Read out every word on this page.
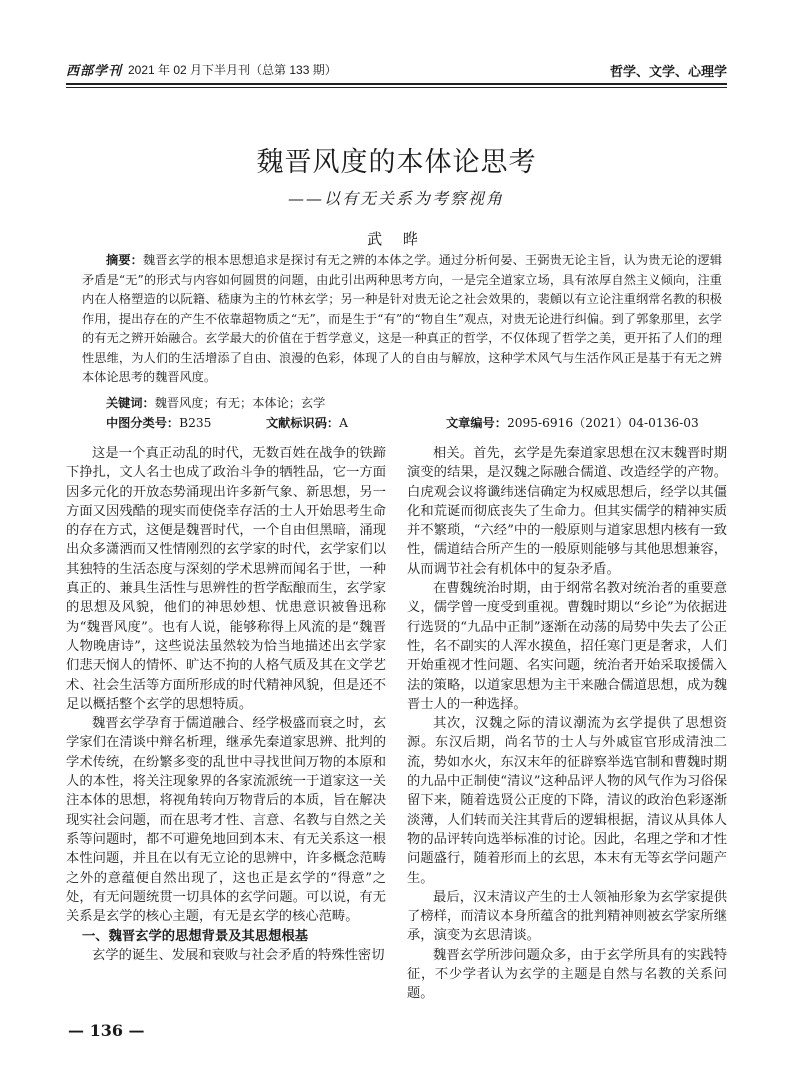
西部学刊 2021 年 02 月下半月刊（总第 133 期）	哲学、文学、心理学
魏晋风度的本体论思考
——以有无关系为考察视角
武 晔
摘要：魏晋玄学的根本思想追求是探讨有无之辨的本体之学。通过分析何晏、王弼贵无论主旨，认为贵无论的逻辑矛盾是“无”的形式与内容如何圆贯的问题，由此引出两种思考方向，一是完全道家立场，具有浓厚自然主义倾向，注重内在人格塑造的以阮籍、嵇康为主的竹林玄学；另一种是针对贵无论之社会效果的，裴頠以有立论注重纲常名教的积极作用，提出存在的产生不依靠超物质之“无”，而是生于“有”的“物自生”观点，对贵无论进行纠偏。到了郭象那里，玄学的有无之辨开始融合。玄学最大的价值在于哲学意义，这是一种真正的哲学，不仅体现了哲学之美，更开拓了人们的理性思维，为人们的生活增添了自由、浪漫的色彩，体现了人的自由与解放，这种学术风气与生活作风正是基于有无之辨本体论思考的魏晋风度。
关键词：魏晋风度；有无；本体论；玄学
中图分类号：B235	文献标识码：A	文章编号：2095-6916（2021）04-0136-03

这是一个真正动乱的时代，无数百姓在战争的铁蹄下挣扎，文人名士也成了政治斗争的牺牲品，它一方面因多元化的开放态势涌现出许多新气象、新思想，另一方面又因残酷的现实而使侥幸存活的士人开始思考生命的存在方式，这便是魏晋时代，一个自由但黑暗，涌现出众多潇洒而又性情刚烈的玄学家的时代，玄学家们以其独特的生活态度与深刻的学术思辨而闻名于世，一种真正的、兼具生活性与思辨性的哲学酝酿而生，玄学家的思想及风貌，他们的神思妙想、忧患意识被鲁迅称为“魏晋风度”。也有人说，能够称得上风流的是“魏晋人物晚唐诗”，这些说法虽然较为恰当地描述出玄学家们悲天悯人的情怀、旷达不拘的人格气质及其在文学艺术、社会生活等方面所形成的时代精神风貌，但是还不足以概括整个玄学的思想特质。

魏晋玄学孕育于儒道融合、经学极盛而衰之时，玄学家们在清谈中辩名析理，继承先秦道家思辨、批判的学术传统，在纷繁多变的乱世中寻找世间万物的本原和人的本性，将关注现象界的各家流派统一于道家这一关注本体的思想，将视角转向万物背后的本质，旨在解决现实社会问题，而在思考才性、言意、名教与自然之关系等问题时，都不可避免地回到本末、有无关系这一根本性问题，并且在以有无立论的思辨中，许多概念范畴之外的意蕴便自然出现了，这也正是玄学的“得意”之处，有无问题统贯一切具体的玄学问题。可以说，有无关系是玄学的核心主题，有无是玄学的核心范畴。

一、魏晋玄学的思想背景及其思想根基

玄学的诞生、发展和衰败与社会矛盾的特殊性密切

相关。首先，玄学是先秦道家思想在汉末魏晋时期演变的结果，是汉魏之际融合儒道、改造经学的产物。白虎观会议将谶纬迷信确定为权威思想后，经学以其僵化和荒诞而彻底丧失了生命力。但其实儒学的精神实质并不繁琐，“六经”中的一般原则与道家思想内核有一致性，儒道结合所产生的一般原则能够与其他思想兼容，从而调节社会有机体中的复杂矛盾。

在曹魏统治时期，由于纲常名教对统治者的重要意义，儒学曾一度受到重视。曹魏时期以“乡论”为依据进行选贤的“九品中正制”逐渐在动荡的局势中失去了公正性，名不副实的人浑水摸鱼，招任寒门更是奢求，人们开始重视才性问题、名实问题，统治者开始采取援儒入法的策略，以道家思想为主干来融合儒道思想，成为魏晋士人的一种选择。

其次，汉魏之际的清议潮流为玄学提供了思想资源。东汉后期，尚名节的士人与外戚宦官形成清浊二流，势如水火，东汉末年的征辟察举选官制和曹魏时期的九品中正制使“清议”这种品评人物的风气作为习俗保留下来，随着选贤公正度的下降，清议的政治色彩逐渐淡薄，人们转而关注其背后的逻辑根据，清议从具体人物的品评转向选举标准的讨论。因此，名理之学和才性问题盛行，随着形而上的玄思，本末有无等玄学问题产生。

最后，汉末清议产生的士人领袖形象为玄学家提供了榜样，而清议本身所蕴含的批判精神则被玄学家所继承，演变为玄思清谈。

魏晋玄学所涉问题众多，由于玄学所具有的实践特征，不少学者认为玄学的主题是自然与名教的关系问题。

— 136 —
